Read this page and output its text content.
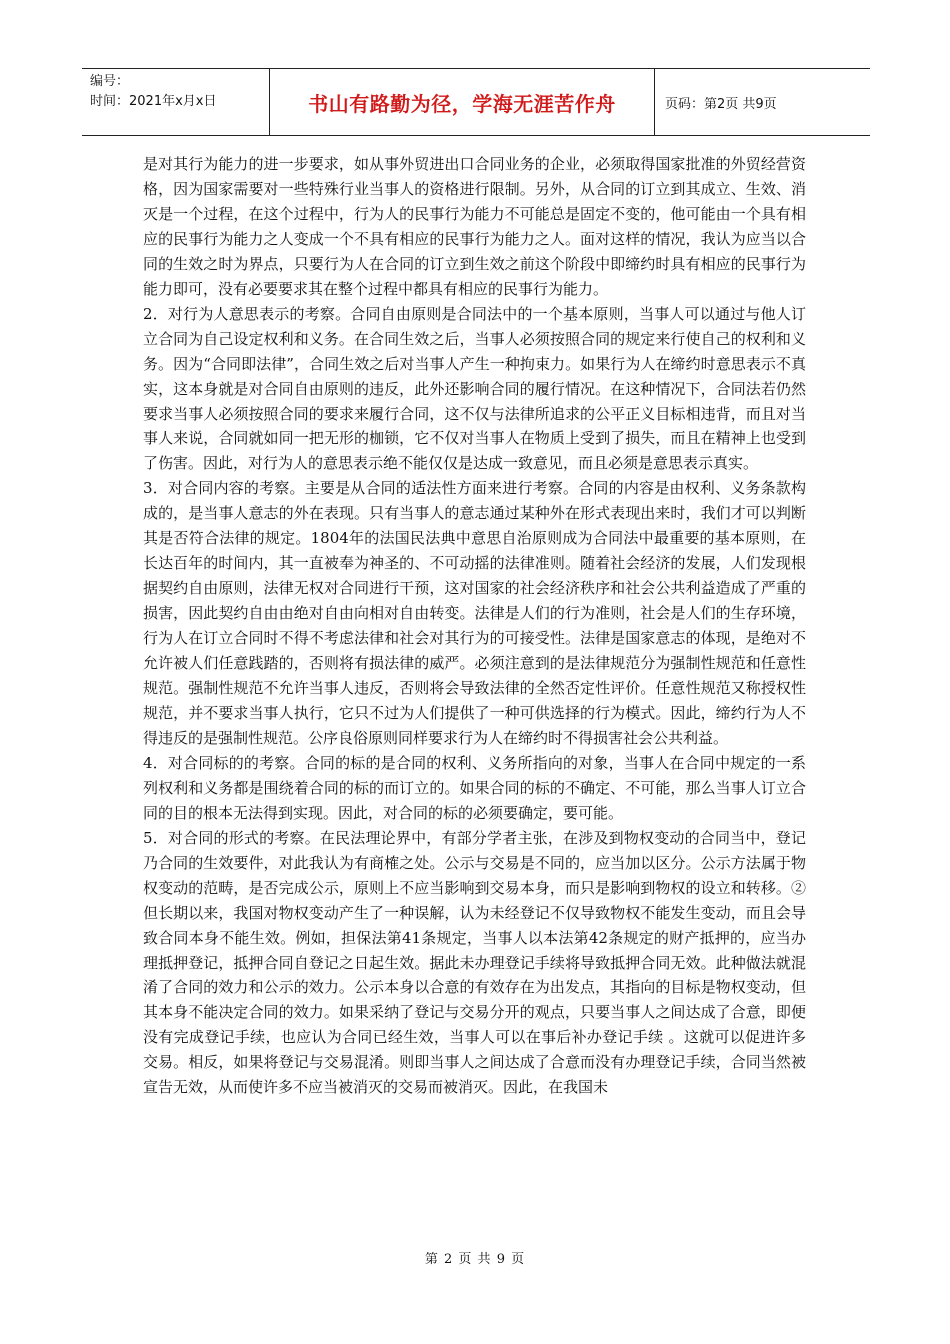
编号：
时间：2021年x月x日	书山有路勤为径，学海无涯苦作舟	页码：第2页 共9页

是对其行为能力的进一步要求，如从事外贸进出口合同业务的企业，必须取得国家批准的外贸经营资格，因为国家需要对一些特殊行业当事人的资格进行限制。另外，从合同的订立到其成立、生效、消灭是一个过程，在这个过程中，行为人的民事行为能力不可能总是固定不变的，他可能由一个具有相应的民事行为能力之人变成一个不具有相应的民事行为能力之人。面对这样的情况，我认为应当以合同的生效之时为界点，只要行为人在合同的订立到生效之前这个阶段中即缔约时具有相应的民事行为能力即可，没有必要要求其在整个过程中都具有相应的民事行为能力。

2．对行为人意思表示的考察。合同自由原则是合同法中的一个基本原则，当事人可以通过与他人订立合同为自己设定权利和义务。在合同生效之后，当事人必须按照合同的规定来行使自己的权利和义务。因为“合同即法律”，合同生效之后对当事人产生一种拘束力。如果行为人在缔约时意思表示不真实，这本身就是对合同自由原则的违反，此外还影响合同的履行情况。在这种情况下，合同法若仍然要求当事人必须按照合同的要求来履行合同，这不仅与法律所追求的公平正义目标相违背，而且对当事人来说，合同就如同一把无形的枷锁，它不仅对当事人在物质上受到了损失，而且在精神上也受到了伤害。因此，对行为人的意思表示绝不能仅仅是达成一致意见，而且必须是意思表示真实。

3．对合同内容的考察。主要是从合同的适法性方面来进行考察。合同的内容是由权利、义务条款构成的，是当事人意志的外在表现。只有当事人的意志通过某种外在形式表现出来时，我们才可以判断其是否符合法律的规定。1804年的法国民法典中意思自治原则成为合同法中最重要的基本原则，在长达百年的时间内，其一直被奉为神圣的、不可动摇的法律准则。随着社会经济的发展，人们发现根据契约自由原则，法律无权对合同进行干预，这对国家的社会经济秩序和社会公共利益造成了严重的损害，因此契约自由由绝对自由向相对自由转变。法律是人们的行为准则，社会是人们的生存环境，行为人在订立合同时不得不考虑法律和社会对其行为的可接受性。法律是国家意志的体现，是绝对不允许被人们任意践踏的，否则将有损法律的威严。必须注意到的是法律规范分为强制性规范和任意性规范。强制性规范不允许当事人违反，否则将会导致法律的全然否定性评价。任意性规范又称授权性规范，并不要求当事人执行，它只不过为人们提供了一种可供选择的行为模式。因此，缔约行为人不得违反的是强制性规范。公序良俗原则同样要求行为人在缔约时不得损害社会公共利益。

4．对合同标的的考察。合同的标的是合同的权利、义务所指向的对象，当事人在合同中规定的一系列权利和义务都是围绕着合同的标的而订立的。如果合同的标的不确定、不可能，那么当事人订立合同的目的根本无法得到实现。因此，对合同的标的必须要确定，要可能。

5．对合同的形式的考察。在民法理论界中，有部分学者主张，在涉及到物权变动的合同当中，登记乃合同的生效要件，对此我认为有商榷之处。公示与交易是不同的，应当加以区分。公示方法属于物权变动的范畴，是否完成公示，原则上不应当影响到交易本身，而只是影响到物权的设立和转移。②但长期以来，我国对物权变动产生了一种误解，认为未经登记不仅导致物权不能发生变动，而且会导致合同本身不能生效。例如，担保法第41条规定，当事人以本法第42条规定的财产抵押的，应当办理抵押登记，抵押合同自登记之日起生效。据此未办理登记手续将导致抵押合同无效。此种做法就混淆了合同的效力和公示的效力。公示本身以合意的有效存在为出发点，其指向的目标是物权变动，但其本身不能决定合同的效力。如果采纳了登记与交易分开的观点，只要当事人之间达成了合意，即便没有完成登记手续，也应认为合同已经生效，当事人可以在事后补办登记手续 。这就可以促进许多交易。相反，如果将登记与交易混淆。则即当事人之间达成了合意而没有办理登记手续，合同当然被宣告无效，从而使许多不应当被消灭的交易而被消灭。因此，在我国未

第 2 页 共 9 页
